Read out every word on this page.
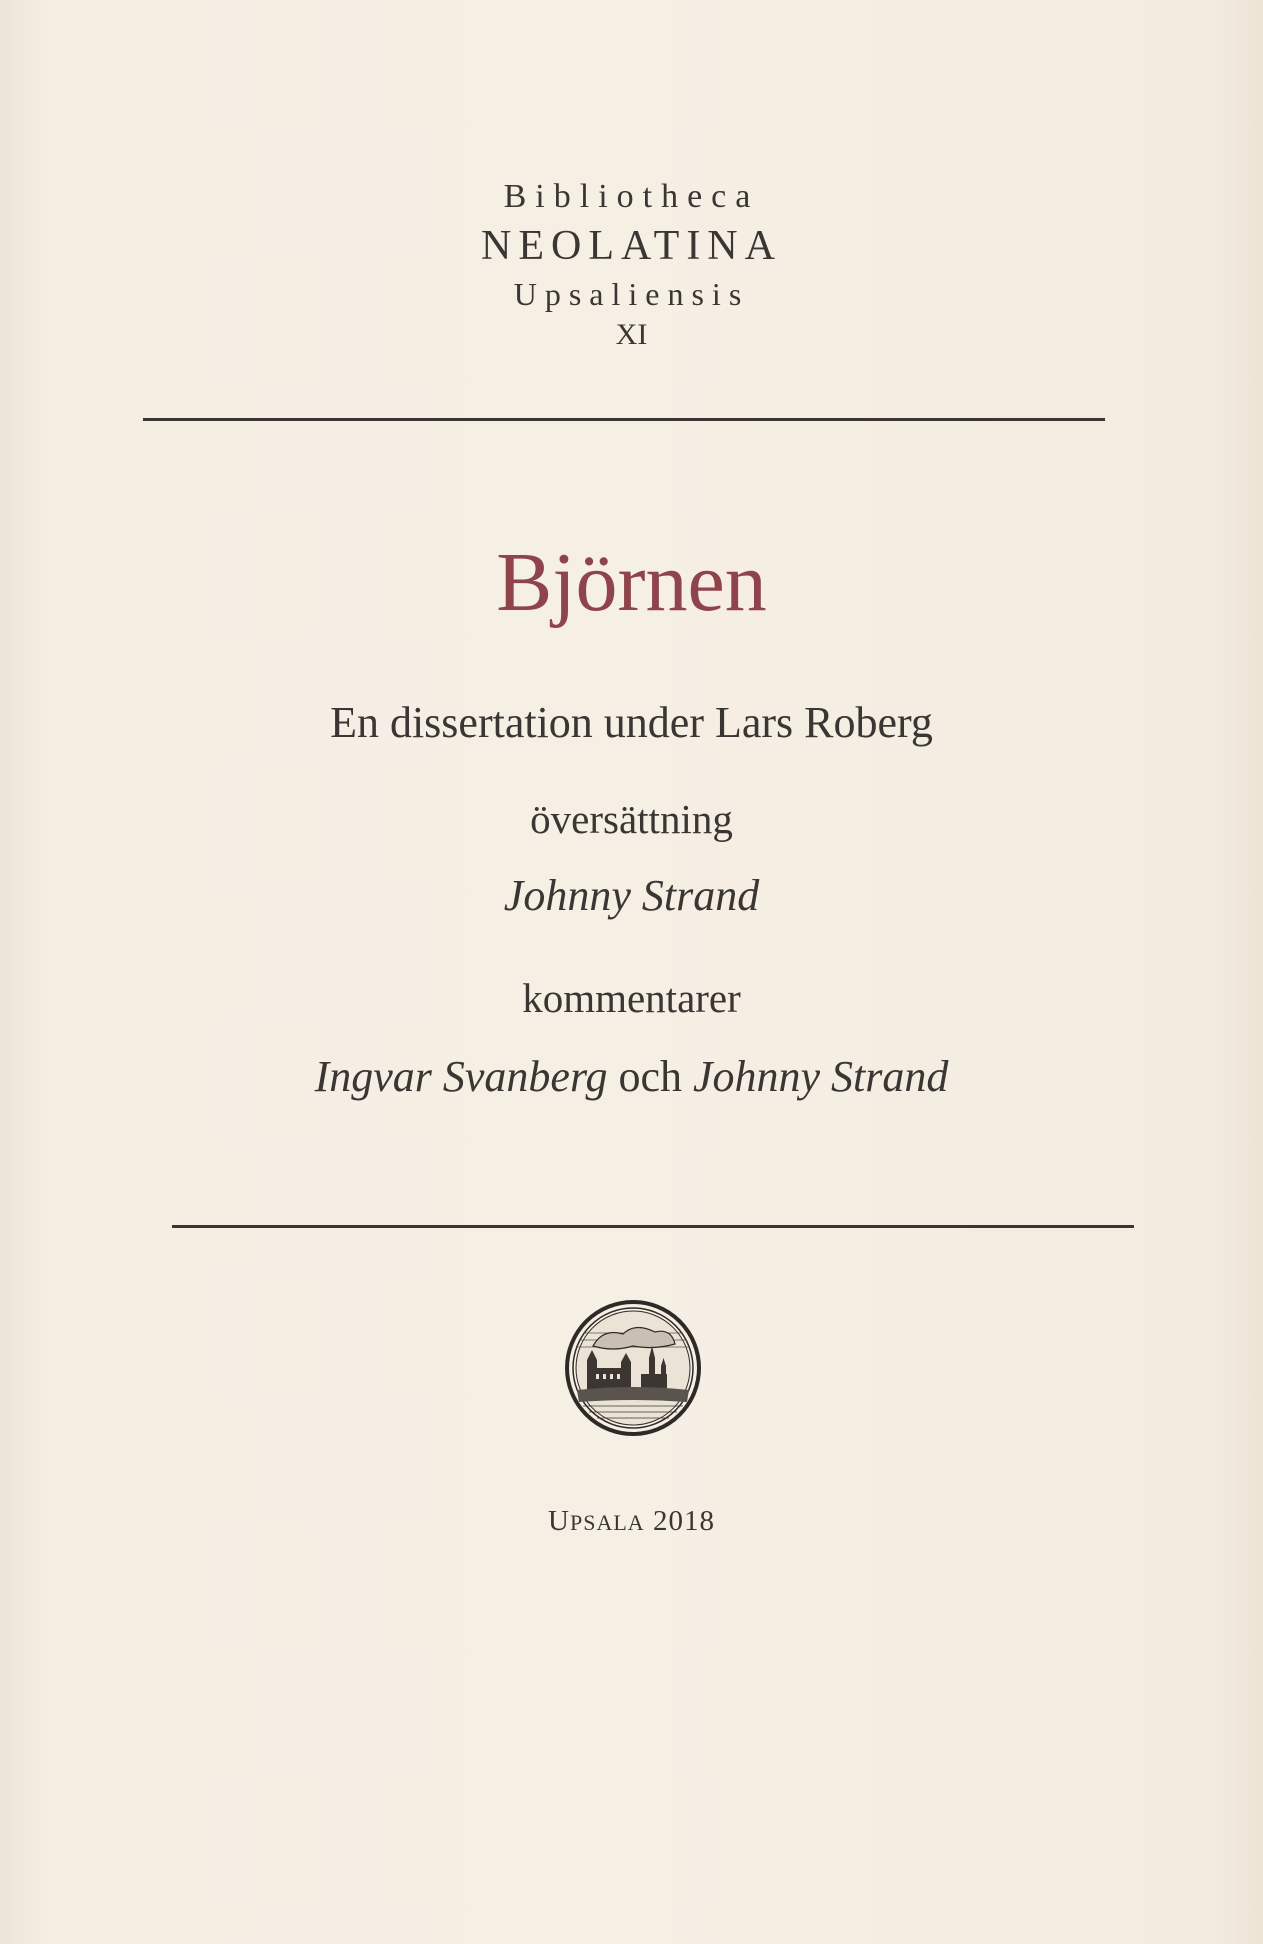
Bibliotheca
NEOLATINA
Upsaliensis
XI
Björnen
En dissertation under Lars Roberg
översättning
Johnny Strand
kommentarer
Ingvar Svanberg och Johnny Strand
UPSALA 2018
